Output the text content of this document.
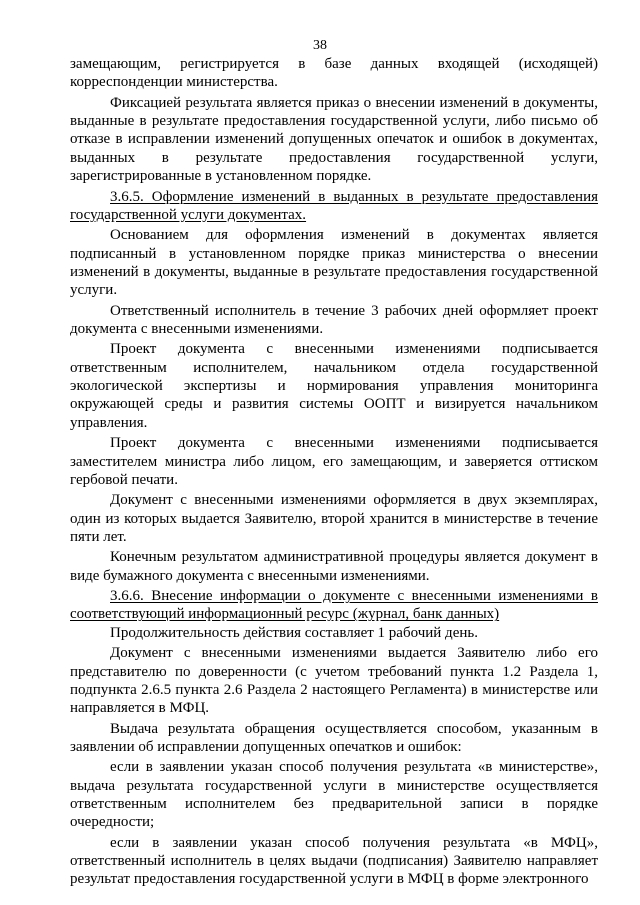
38

замещающим, регистрируется в базе данных входящей (исходящей) корреспонденции министерства.

Фиксацией результата является приказ о внесении изменений в документы, выданные в результате предоставления государственной услуги, либо письмо об отказе в исправлении изменений допущенных опечаток и ошибок в документах, выданных в результате предоставления государственной услуги, зарегистрированные в установленном порядке.

3.6.5. Оформление изменений в выданных в результате предоставления государственной услуги документах.

Основанием для оформления изменений в документах является подписанный в установленном порядке приказ министерства о внесении изменений в документы, выданные в результате предоставления государственной услуги.

Ответственный исполнитель в течение 3 рабочих дней оформляет проект документа с внесенными изменениями.

Проект документа с внесенными изменениями подписывается ответственным исполнителем, начальником отдела государственной экологической экспертизы и нормирования управления мониторинга окружающей среды и развития системы ООПТ и визируется начальником управления.

Проект документа с внесенными изменениями подписывается заместителем министра либо лицом, его замещающим, и заверяется оттиском гербовой печати.

Документ с внесенными изменениями оформляется в двух экземплярах, один из которых выдается Заявителю, второй хранится в министерстве в течение пяти лет.

Конечным результатом административной процедуры является документ в виде бумажного документа с внесенными изменениями.

3.6.6. Внесение информации о документе с внесенными изменениями в соответствующий информационный ресурс (журнал, банк данных)

Продолжительность действия составляет 1 рабочий день.

Документ с внесенными изменениями выдается Заявителю либо его представителю по доверенности (с учетом требований пункта 1.2 Раздела 1, подпункта 2.6.5 пункта 2.6 Раздела 2 настоящего Регламента) в министерстве или направляется в МФЦ.

Выдача результата обращения осуществляется способом, указанным в заявлении об исправлении допущенных опечатков и ошибок:

если в заявлении указан способ получения результата «в министерстве», выдача результата государственной услуги в министерстве осуществляется ответственным исполнителем без предварительной записи в порядке очередности;

если в заявлении указан способ получения результата «в МФЦ», ответственный исполнитель в целях выдачи (подписания) Заявителю направляет результат предоставления государственной услуги в МФЦ в форме электронного
